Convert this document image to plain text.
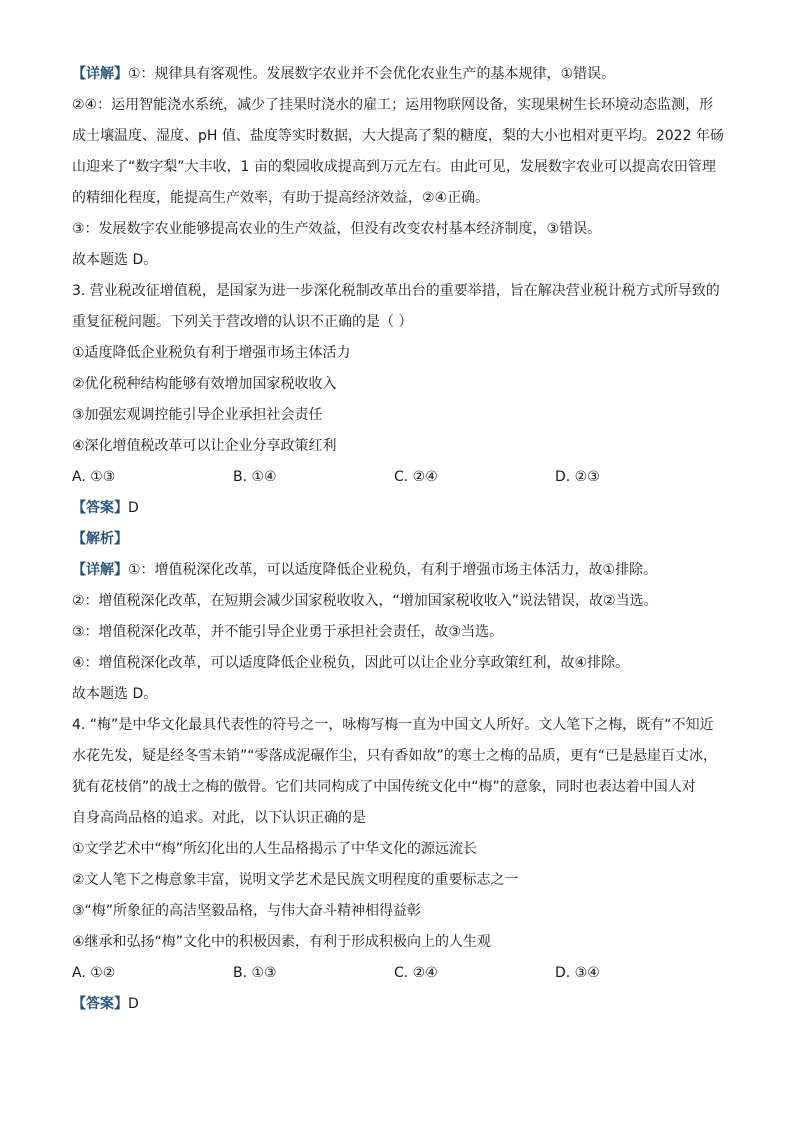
【详解】①：规律具有客观性。发展数字农业并不会优化农业生产的基本规律，①错误。
②④：运用智能浇水系统，减少了挂果时浇水的雇工；运用物联网设备，实现果树生长环境动态监测，形
成土壤温度、湿度、pH 值、盐度等实时数据，大大提高了梨的糖度，梨的大小也相对更平均。2022 年砀
山迎来了“数字梨”大丰收，1 亩的梨园收成提高到万元左右。由此可见，发展数字农业可以提高农田管理
的精细化程度，能提高生产效率，有助于提高经济效益，②④正确。
③：发展数字农业能够提高农业的生产效益，但没有改变农村基本经济制度，③错误。
故本题选 D。
3. 营业税改征增值税，是国家为进一步深化税制改革出台的重要举措，旨在解决营业税计税方式所导致的
重复征税问题。下列关于营改增的认识不正确的是（ ）
①适度降低企业税负有利于增强市场主体活力
②优化税种结构能够有效增加国家税收收入
③加强宏观调控能引导企业承担社会责任
④深化增值税改革可以让企业分享政策红利
A. ①③	B. ①④	C. ②④	D. ②③
【答案】D
【解析】
【详解】①：增值税深化改革，可以适度降低企业税负，有利于增强市场主体活力，故①排除。
②：增值税深化改革，在短期会减少国家税收收入，“增加国家税收收入”说法错误，故②当选。
③：增值税深化改革，并不能引导企业勇于承担社会责任，故③当选。
④：增值税深化改革，可以适度降低企业税负，因此可以让企业分享政策红利，故④排除。
故本题选 D。
4. “梅”是中华文化最具代表性的符号之一，咏梅写梅一直为中国文人所好。文人笔下之梅，既有“不知近
水花先发，疑是经冬雪未销”“零落成泥碾作尘，只有香如故”的寒士之梅的品质，更有“已是悬崖百丈冰，
犹有花枝俏”的战士之梅的傲骨。它们共同构成了中国传统文化中“梅”的意象，同时也表达着中国人对
自身高尚品格的追求。对此，以下认识正确的是
①文学艺术中“梅”所幻化出的人生品格揭示了中华文化的源远流长
②文人笔下之梅意象丰富，说明文学艺术是民族文明程度的重要标志之一
③“梅”所象征的高洁坚毅品格，与伟大奋斗精神相得益彰
④继承和弘扬“梅”文化中的积极因素，有利于形成积极向上的人生观
A. ①②	B. ①③	C. ②④	D. ③④
【答案】D
